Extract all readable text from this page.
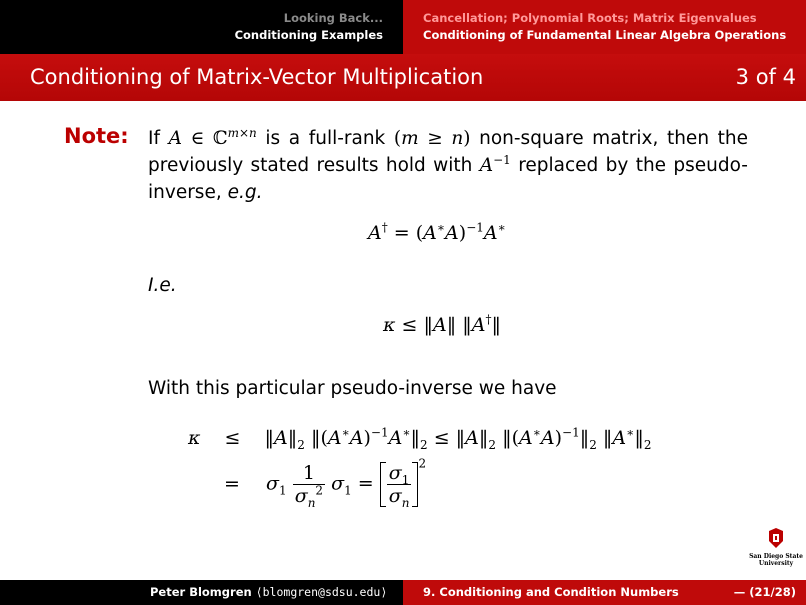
Looking Back...
Conditioning Examples
Cancellation; Polynomial Roots; Matrix Eigenvalues
Conditioning of Fundamental Linear Algebra Operations
Conditioning of Matrix-Vector Multiplication	3 of 4
Note: If A ∈ ℂ$^{m\times n}$ is a full-rank (m ≥ n) non-square matrix, then the previously stated results hold with $A^{-1}$ replaced by the pseudo-inverse, e.g.
$A^\dagger = (A^∗A)^{-1}A^∗$
I.e.
κ ≤ ‖A‖ ‖A†‖
With this particular pseudo-inverse we have
$\kappa \le ‖A‖_2$ $‖(A^∗A)^{-1}A^∗‖_2$ ≤ $‖A‖_2$ $‖(A^∗A)^{-1}‖_2$ $‖A^∗‖_2$
= $\sigma_1 \frac{1}{\sigma_n^2} \sigma_1 = \frac{\sigma_1}{\sigma_n} ^2$
San Diego State
University
Peter Blomgren ⟨blomgren@sdsu.edu⟩	9. Conditioning and Condition Numbers	— (21/28)
